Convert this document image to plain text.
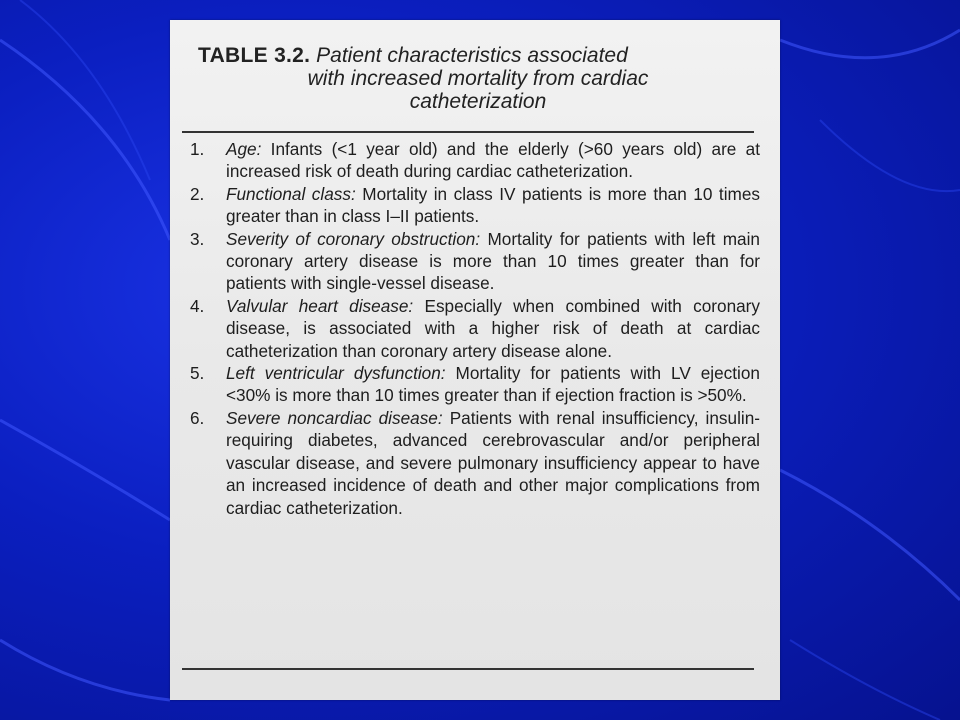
TABLE 3.2. Patient characteristics associated
with increased mortality from cardiac
catheterization
1. Age: Infants (<1 year old) and the elderly (>60 years old) are at increased risk of death during cardiac catheterization.
2. Functional class: Mortality in class IV patients is more than 10 times greater than in class I–II patients.
3. Severity of coronary obstruction: Mortality for patients with left main coronary artery disease is more than 10 times greater than for patients with single-vessel disease.
4. Valvular heart disease: Especially when combined with coronary disease, is associated with a higher risk of death at cardiac catheterization than coronary artery disease alone.
5. Left ventricular dysfunction: Mortality for patients with LV ejection <30% is more than 10 times greater than if ejection fraction is >50%.
6. Severe noncardiac disease: Patients with renal insufficiency, insulin-requiring diabetes, advanced cerebrovascular and/or peripheral vascular disease, and severe pulmonary insufficiency appear to have an increased incidence of death and other major complications from cardiac catheterization.
